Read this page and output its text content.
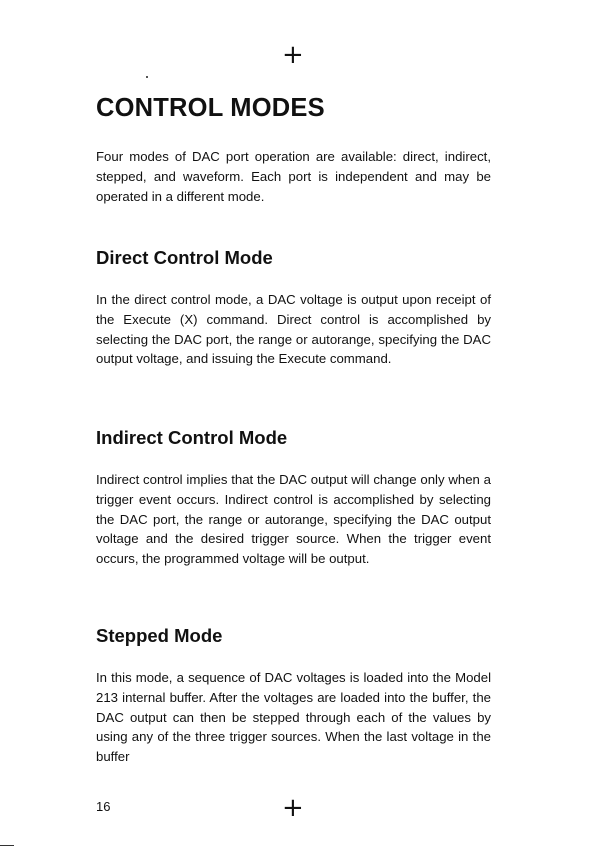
+
CONTROL MODES

Four modes of DAC port operation are available: direct, indirect, stepped, and waveform. Each port is independent and may be operated in a different mode.

Direct Control Mode

In the direct control mode, a DAC voltage is output upon receipt of the Execute (X) command. Direct control is accomplished by selecting the DAC port, the range or autorange, specifying the DAC output voltage, and issuing the Execute command.

Indirect Control Mode

Indirect control implies that the DAC output will change only when a trigger event occurs. Indirect control is accomplished by selecting the DAC port, the range or autorange, specifying the DAC output voltage and the desired trigger source. When the trigger event occurs, the programmed voltage will be output.

Stepped Mode

In this mode, a sequence of DAC voltages is loaded into the Model 213 internal buffer. After the voltages are loaded into the buffer, the DAC output can then be stepped through each of the values by using any of the three trigger sources. When the last voltage in the buffer

16	+
